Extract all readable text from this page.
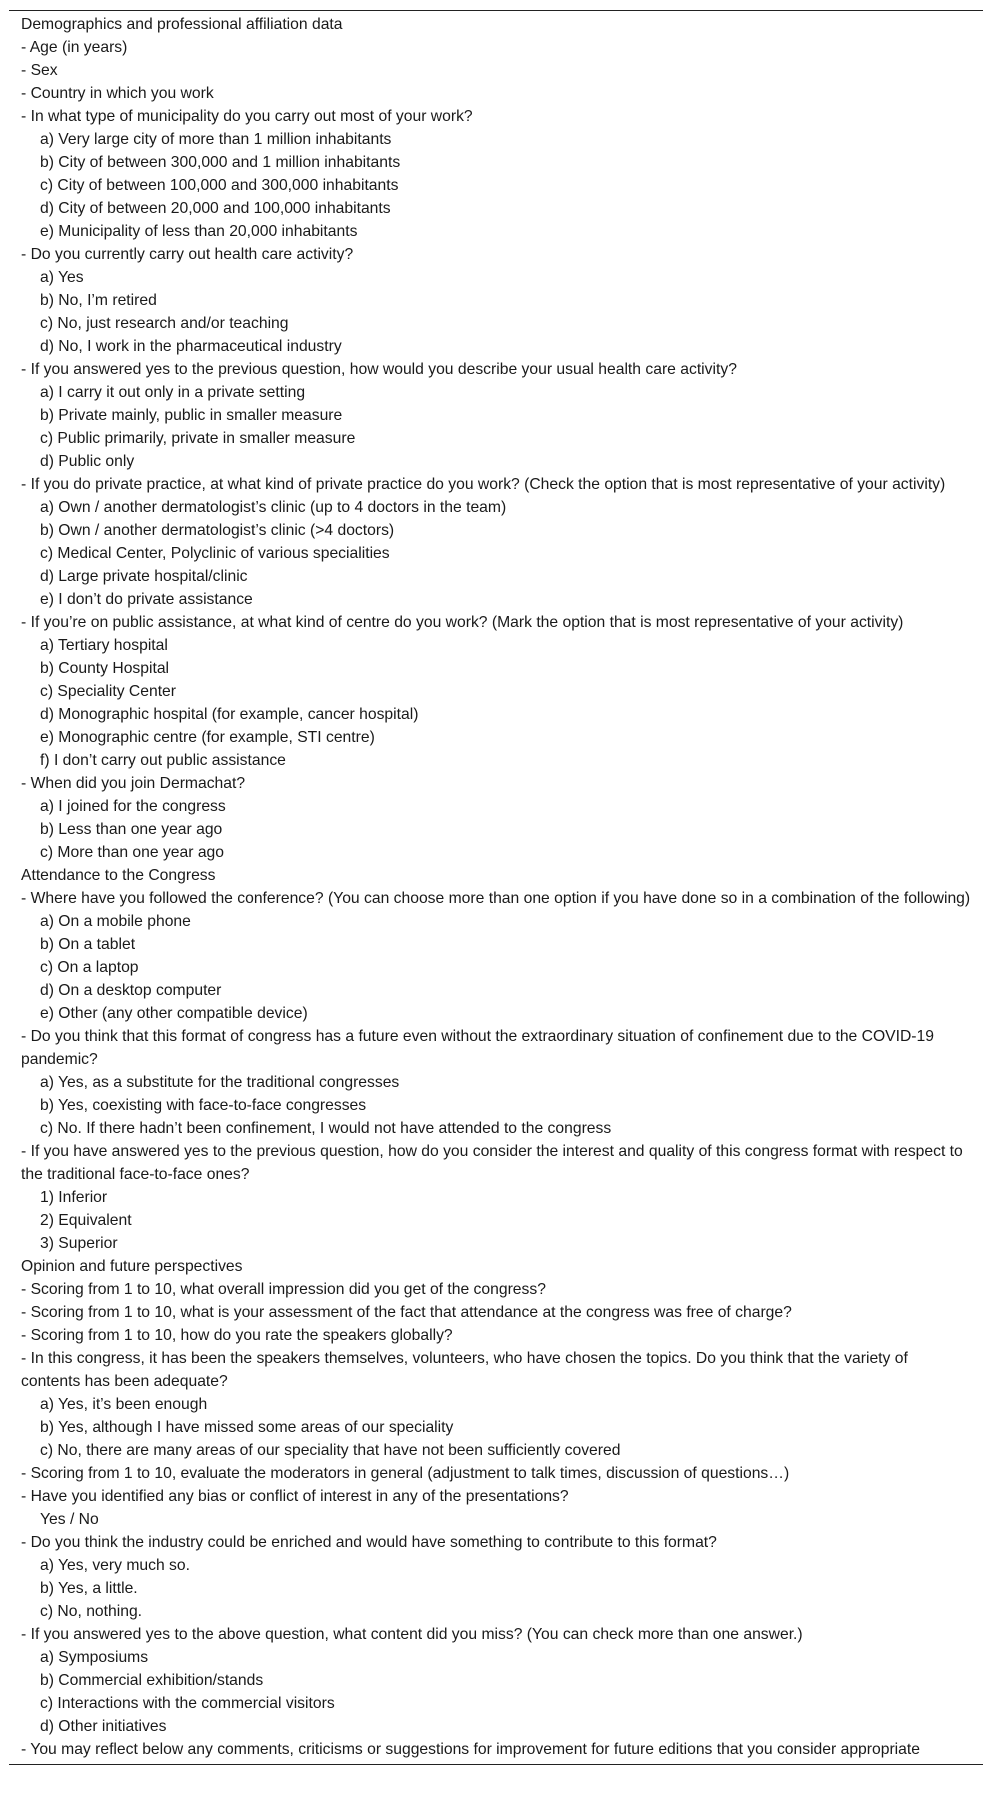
Demographics and professional affiliation data
- Age (in years)
- Sex
- Country in which you work
- In what type of municipality do you carry out most of your work?
a) Very large city of more than 1 million inhabitants
b) City of between 300,000 and 1 million inhabitants
c) City of between 100,000 and 300,000 inhabitants
d) City of between 20,000 and 100,000 inhabitants
e) Municipality of less than 20,000 inhabitants
- Do you currently carry out health care activity?
a) Yes
b) No, I’m retired
c) No, just research and/or teaching
d) No, I work in the pharmaceutical industry
- If you answered yes to the previous question, how would you describe your usual health care activity?
a) I carry it out only in a private setting
b) Private mainly, public in smaller measure
c) Public primarily, private in smaller measure
d) Public only
- If you do private practice, at what kind of private practice do you work? (Check the option that is most representative of your activity)
a) Own / another dermatologist’s clinic (up to 4 doctors in the team)
b) Own / another dermatologist’s clinic (>4 doctors)
c) Medical Center, Polyclinic of various specialities
d) Large private hospital/clinic
e) I don’t do private assistance
- If you’re on public assistance, at what kind of centre do you work? (Mark the option that is most representative of your activity)
a) Tertiary hospital
b) County Hospital
c) Speciality Center
d) Monographic hospital (for example, cancer hospital)
e) Monographic centre (for example, STI centre)
f) I don’t carry out public assistance
- When did you join Dermachat?
a) I joined for the congress
b) Less than one year ago
c) More than one year ago
Attendance to the Congress
- Where have you followed the conference? (You can choose more than one option if you have done so in a combination of the following)
a) On a mobile phone
b) On a tablet
c) On a laptop
d) On a desktop computer
e) Other (any other compatible device)
- Do you think that this format of congress has a future even without the extraordinary situation of confinement due to the COVID-19 pandemic?
a) Yes, as a substitute for the traditional congresses
b) Yes, coexisting with face-to-face congresses
c) No. If there hadn’t been confinement, I would not have attended to the congress
- If you have answered yes to the previous question, how do you consider the interest and quality of this congress format with respect to the traditional face-to-face ones?
1) Inferior
2) Equivalent
3) Superior
Opinion and future perspectives
- Scoring from 1 to 10, what overall impression did you get of the congress?
- Scoring from 1 to 10, what is your assessment of the fact that attendance at the congress was free of charge?
- Scoring from 1 to 10, how do you rate the speakers globally?
- In this congress, it has been the speakers themselves, volunteers, who have chosen the topics. Do you think that the variety of contents has been adequate?
a) Yes, it’s been enough
b) Yes, although I have missed some areas of our speciality
c) No, there are many areas of our speciality that have not been sufficiently covered
- Scoring from 1 to 10, evaluate the moderators in general (adjustment to talk times, discussion of questions…)
- Have you identified any bias or conflict of interest in any of the presentations?
Yes / No
- Do you think the industry could be enriched and would have something to contribute to this format?
a) Yes, very much so.
b) Yes, a little.
c) No, nothing.
- If you answered yes to the above question, what content did you miss? (You can check more than one answer.)
a) Symposiums
b) Commercial exhibition/stands
c) Interactions with the commercial visitors
d) Other initiatives
- You may reflect below any comments, criticisms or suggestions for improvement for future editions that you consider appropriate
